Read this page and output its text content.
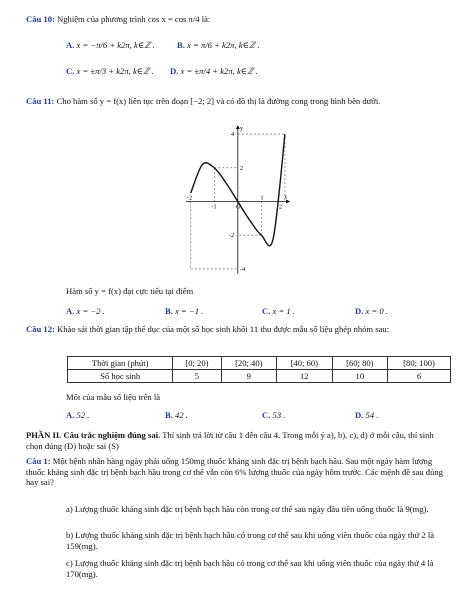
Câu 10: Nghiệm của phương trình cos x = cos π/4 là:
A. x = −π/6 + k2π, k∈ℤ .	B. x = π/6 + k2π, k∈ℤ .
C. x = ±π/3 + k2π, k∈ℤ . D. x = ±π/4 + k2π, k∈ℤ .
Câu 11: Cho hàm số y = f(x) liên tục trên đoạn [−2; 2] và có đồ thị là đường cong trong hình bên dưới.
y
x
O
4
2
-2
-4
-2
-1
1
2
Hàm số y = f(x) đạt cực tiểu tại điểm
A. x = −2 .	B. x = −1 .	C. x = 1 .	D. x = 0 .
Câu 12: Khảo sát thời gian tập thể dục của một số học sinh khối 11 thu được mẫu số liệu ghép nhóm sau:
Thời gian (phút)	[0; 20)	[20; 40)	[40; 60)	[60; 80)	[80; 100)
Số học sinh	5	9	12	10	6
Mốt của mẫu số liệu trên là
A. 52 .	B. 42 .	C. 53 .	D. 54 .
PHẦN II. Câu trắc nghiệm đúng sai. Thí sinh trả lời từ câu 1 đến câu 4. Trong mỗi ý a), b), c), d) ở mỗi câu, thí sinh chọn đúng (Đ) hoặc sai (S)
Câu 1: Một bệnh nhân hàng ngày phải uống 150mg thuốc kháng sinh đặc trị bệnh bạch hầu. Sau một ngày hàm lượng thuốc kháng sinh đặc trị bệnh bạch hầu trong cơ thể vẫn còn 6% lượng thuốc của ngày hôm trước. Các mệnh đề sau đúng hay sai?
a) Lượng thuốc kháng sinh đặc trị bệnh bạch hầu còn trong cơ thể sau ngày đầu tiên uống thuốc là 9(mg).
b) Lượng thuốc kháng sinh đặc trị bệnh bạch hầu có trong cơ thể sau khi uống viên thuốc của ngày thứ 2 là 159(mg).
c) Lượng thuốc kháng sinh đặc trị bệnh bạch hầu có trong cơ thể sau khi uống viên thuốc của ngày thứ 4 là 170(mg).
